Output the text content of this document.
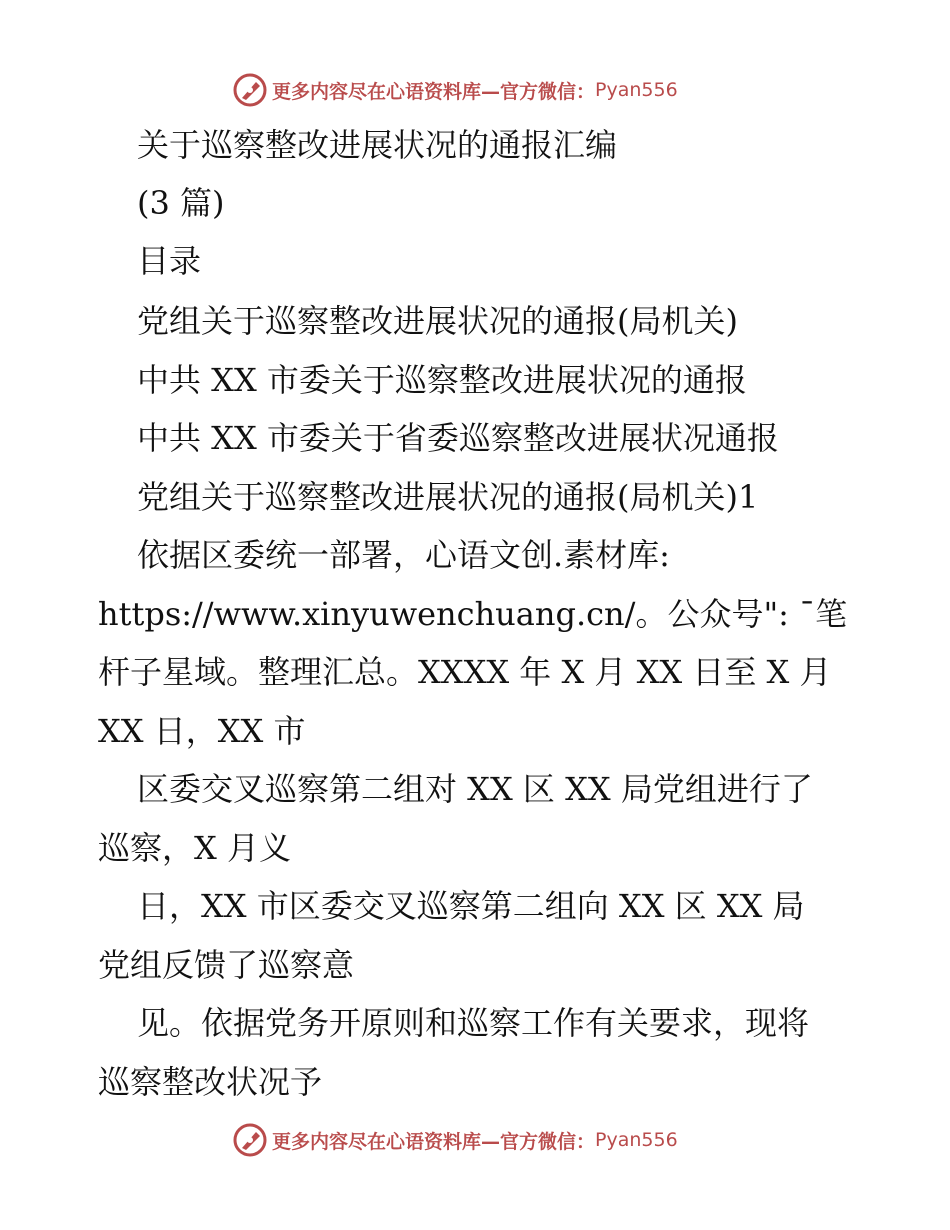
更多内容尽在心语资料库—官方微信： Pyan556
关于巡察整改进展状况的通报汇编
(3 篇)
目录
党组关于巡察整改进展状况的通报(局机关)
中共 XX 市委关于巡察整改进展状况的通报
中共 XX 市委关于省委巡察整改进展状况通报
党组关于巡察整改进展状况的通报(局机关)1
依据区委统一部署，心语文创.素材库:
https://www.xinyuwenchuang.cn/。公众号": ¯笔
杆子星域。整理汇总。XXXX 年 X 月 XX 日至 X 月
XX 日，XX 市
区委交叉巡察第二组对 XX 区 XX 局党组进行了
巡察，X 月义
日，XX 市区委交叉巡察第二组向 XX 区 XX 局
党组反馈了巡察意
见。依据党务开原则和巡察工作有关要求，现将
巡察整改状况予
更多内容尽在心语资料库—官方微信： Pyan556
